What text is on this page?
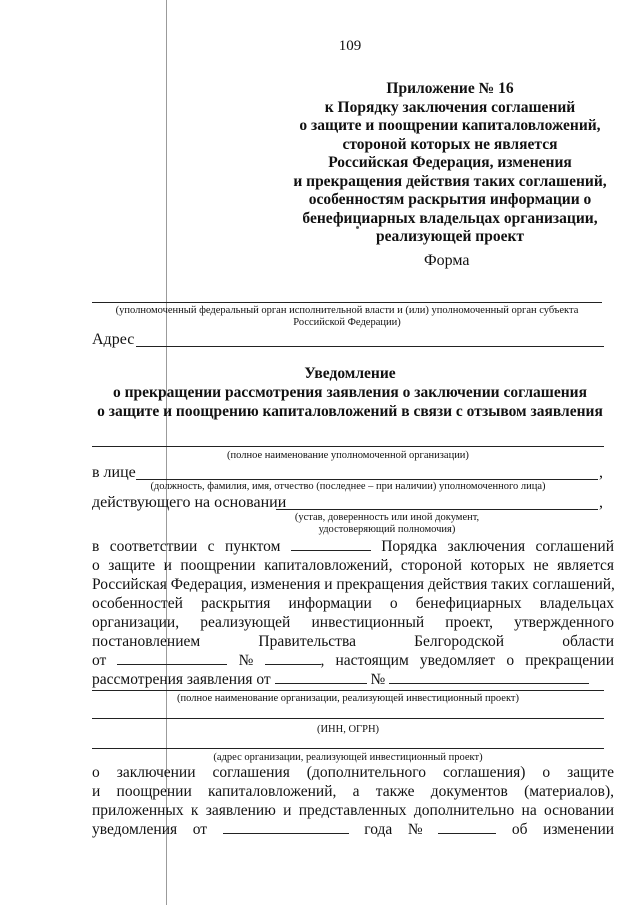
109
Приложение № 16
к Порядку заключения соглашений
о защите и поощрении капиталовложений,
стороной которых не является
Российская Федерация, изменения
и прекращения действия таких соглашений,
особенностям раскрытия информации о
бенефициарных владельцах организации,
реализующей проект
Форма
(уполномоченный федеральный орган исполнительной власти и (или) уполномоченный орган субъекта
Российской Федерации)
Адрес
Уведомление
о прекращении рассмотрения заявления о заключении соглашения
о защите и поощрению капиталовложений в связи с отзывом заявления
(полное наименование уполномоченной организации)
в лице	,
(должность, фамилия, имя, отчество (последнее – при наличии) уполномоченного лица)
действующего на основании	,
(устав, доверенность или иной документ,
удостоверяющий полномочия)
в соответствии с пунктом	Порядка заключения соглашений
о защите и поощрении капиталовложений, стороной которых не является
Российская Федерация, изменения и прекращения действия таких соглашений,
особенностей раскрытия информации о бенефициарных владельцах
организации, реализующей инвестиционный проект, утвержденного
постановлением	Правительства	Белгородской	области
от	№	, настоящим уведомляет о прекращении
рассмотрения заявления от	№
(полное наименование организации, реализующей инвестиционный проект)
(ИНН, ОГРН)
(адрес организации, реализующей инвестиционный проект)
о заключении соглашения (дополнительного соглашения) о защите
и поощрении капиталовложений, а также документов (материалов),
приложенных к заявлению и представленных дополнительно на основании
уведомления от	года №	об изменении
